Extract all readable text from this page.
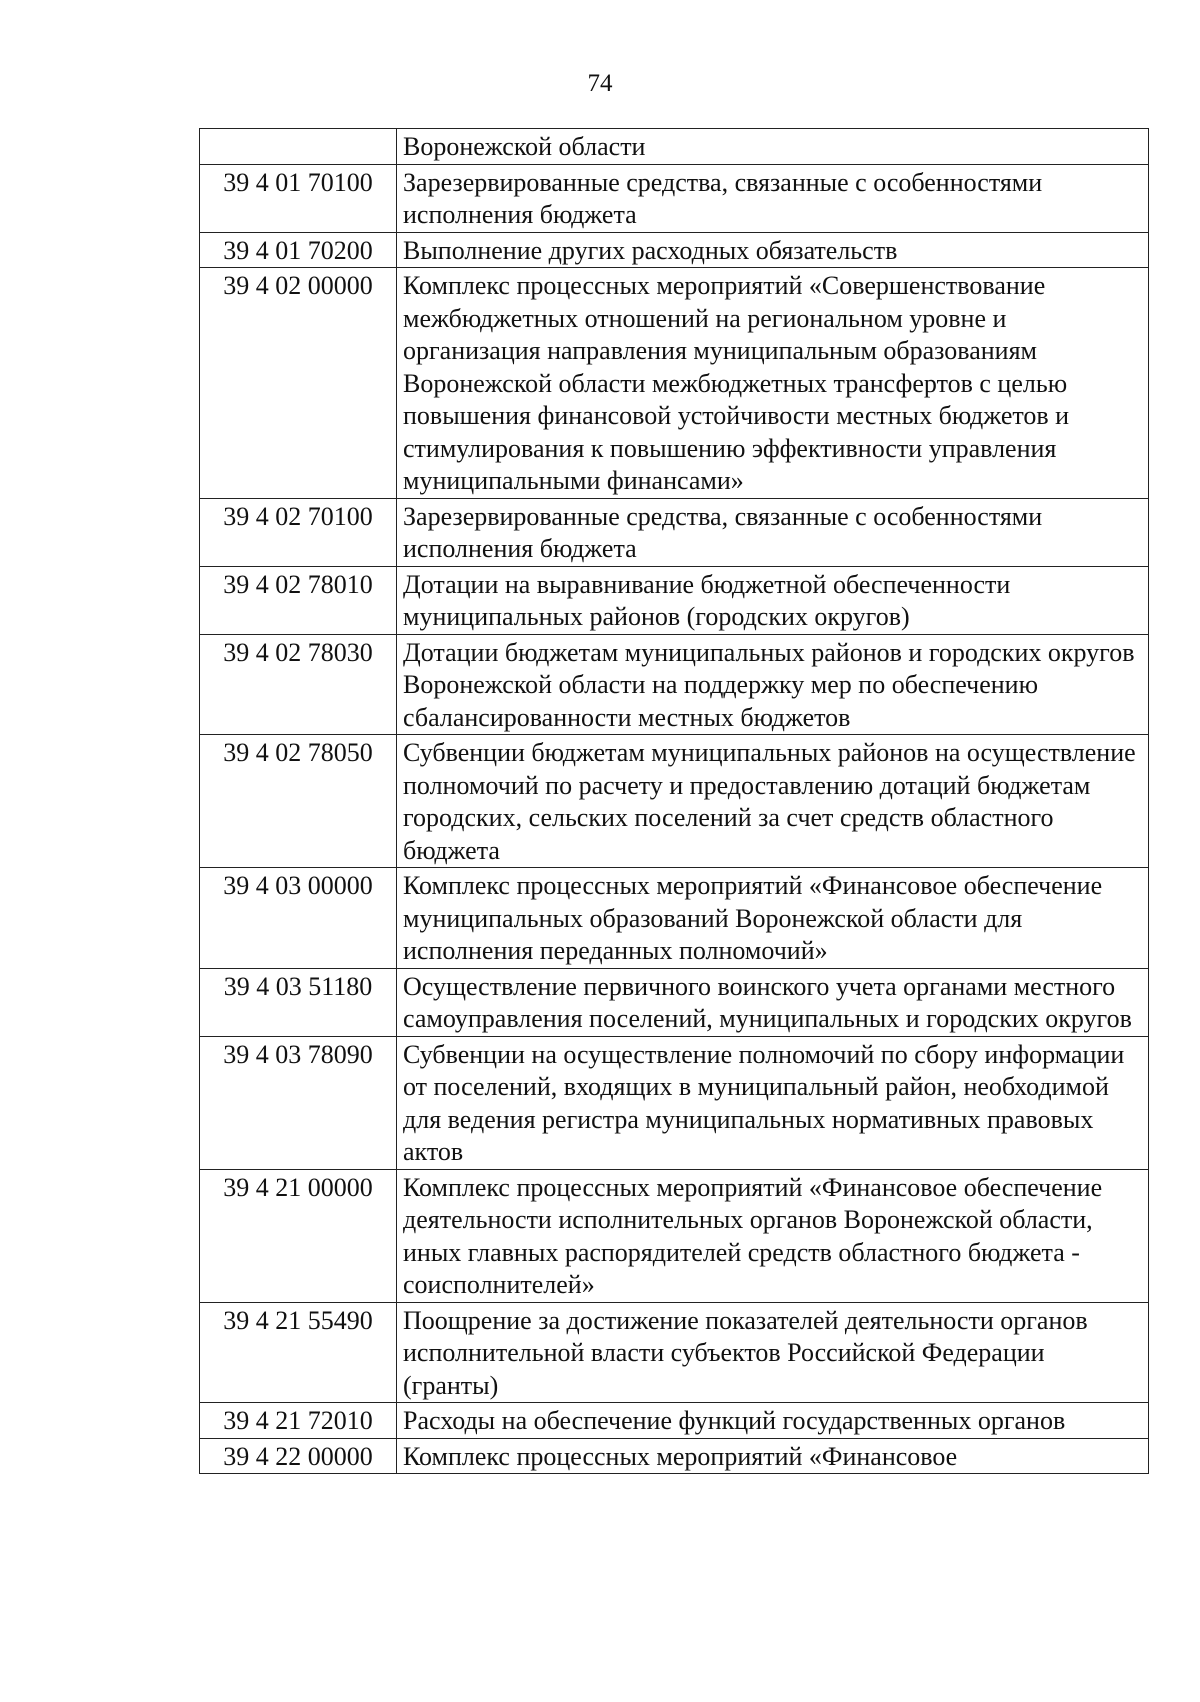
74
	Воронежской области
39 4 01 70100	Зарезервированные средства, связанные с особенностями исполнения бюджета
39 4 01 70200	Выполнение других расходных обязательств
39 4 02 00000	Комплекс процессных мероприятий «Совершенствование межбюджетных отношений на региональном уровне и организация направления муниципальным образованиям Воронежской области межбюджетных трансфертов с целью повышения финансовой устойчивости местных бюджетов и стимулирования к повышению эффективности управления муниципальными финансами»
39 4 02 70100	Зарезервированные средства, связанные с особенностями исполнения бюджета
39 4 02 78010	Дотации на выравнивание бюджетной обеспеченности муниципальных районов (городских округов)
39 4 02 78030	Дотации бюджетам муниципальных районов и городских округов Воронежской области на поддержку мер по обеспечению сбалансированности местных бюджетов
39 4 02 78050	Субвенции бюджетам муниципальных районов на осуществление полномочий по расчету и предоставлению дотаций бюджетам городских, сельских поселений за счет средств областного бюджета
39 4 03 00000	Комплекс процессных мероприятий «Финансовое обеспечение муниципальных образований Воронежской области для исполнения переданных полномочий»
39 4 03 51180	Осуществление первичного воинского учета органами местного самоуправления поселений, муниципальных и городских округов
39 4 03 78090	Субвенции на осуществление полномочий по сбору информации от поселений, входящих в муниципальный район, необходимой для ведения регистра муниципальных нормативных правовых актов
39 4 21 00000	Комплекс процессных мероприятий «Финансовое обеспечение деятельности исполнительных органов Воронежской области, иных главных распорядителей средств областного бюджета - соисполнителей»
39 4 21 55490	Поощрение за достижение показателей деятельности органов исполнительной власти субъектов Российской Федерации (гранты)
39 4 21 72010	Расходы на обеспечение функций государственных органов
39 4 22 00000	Комплекс процессных мероприятий «Финансовое
